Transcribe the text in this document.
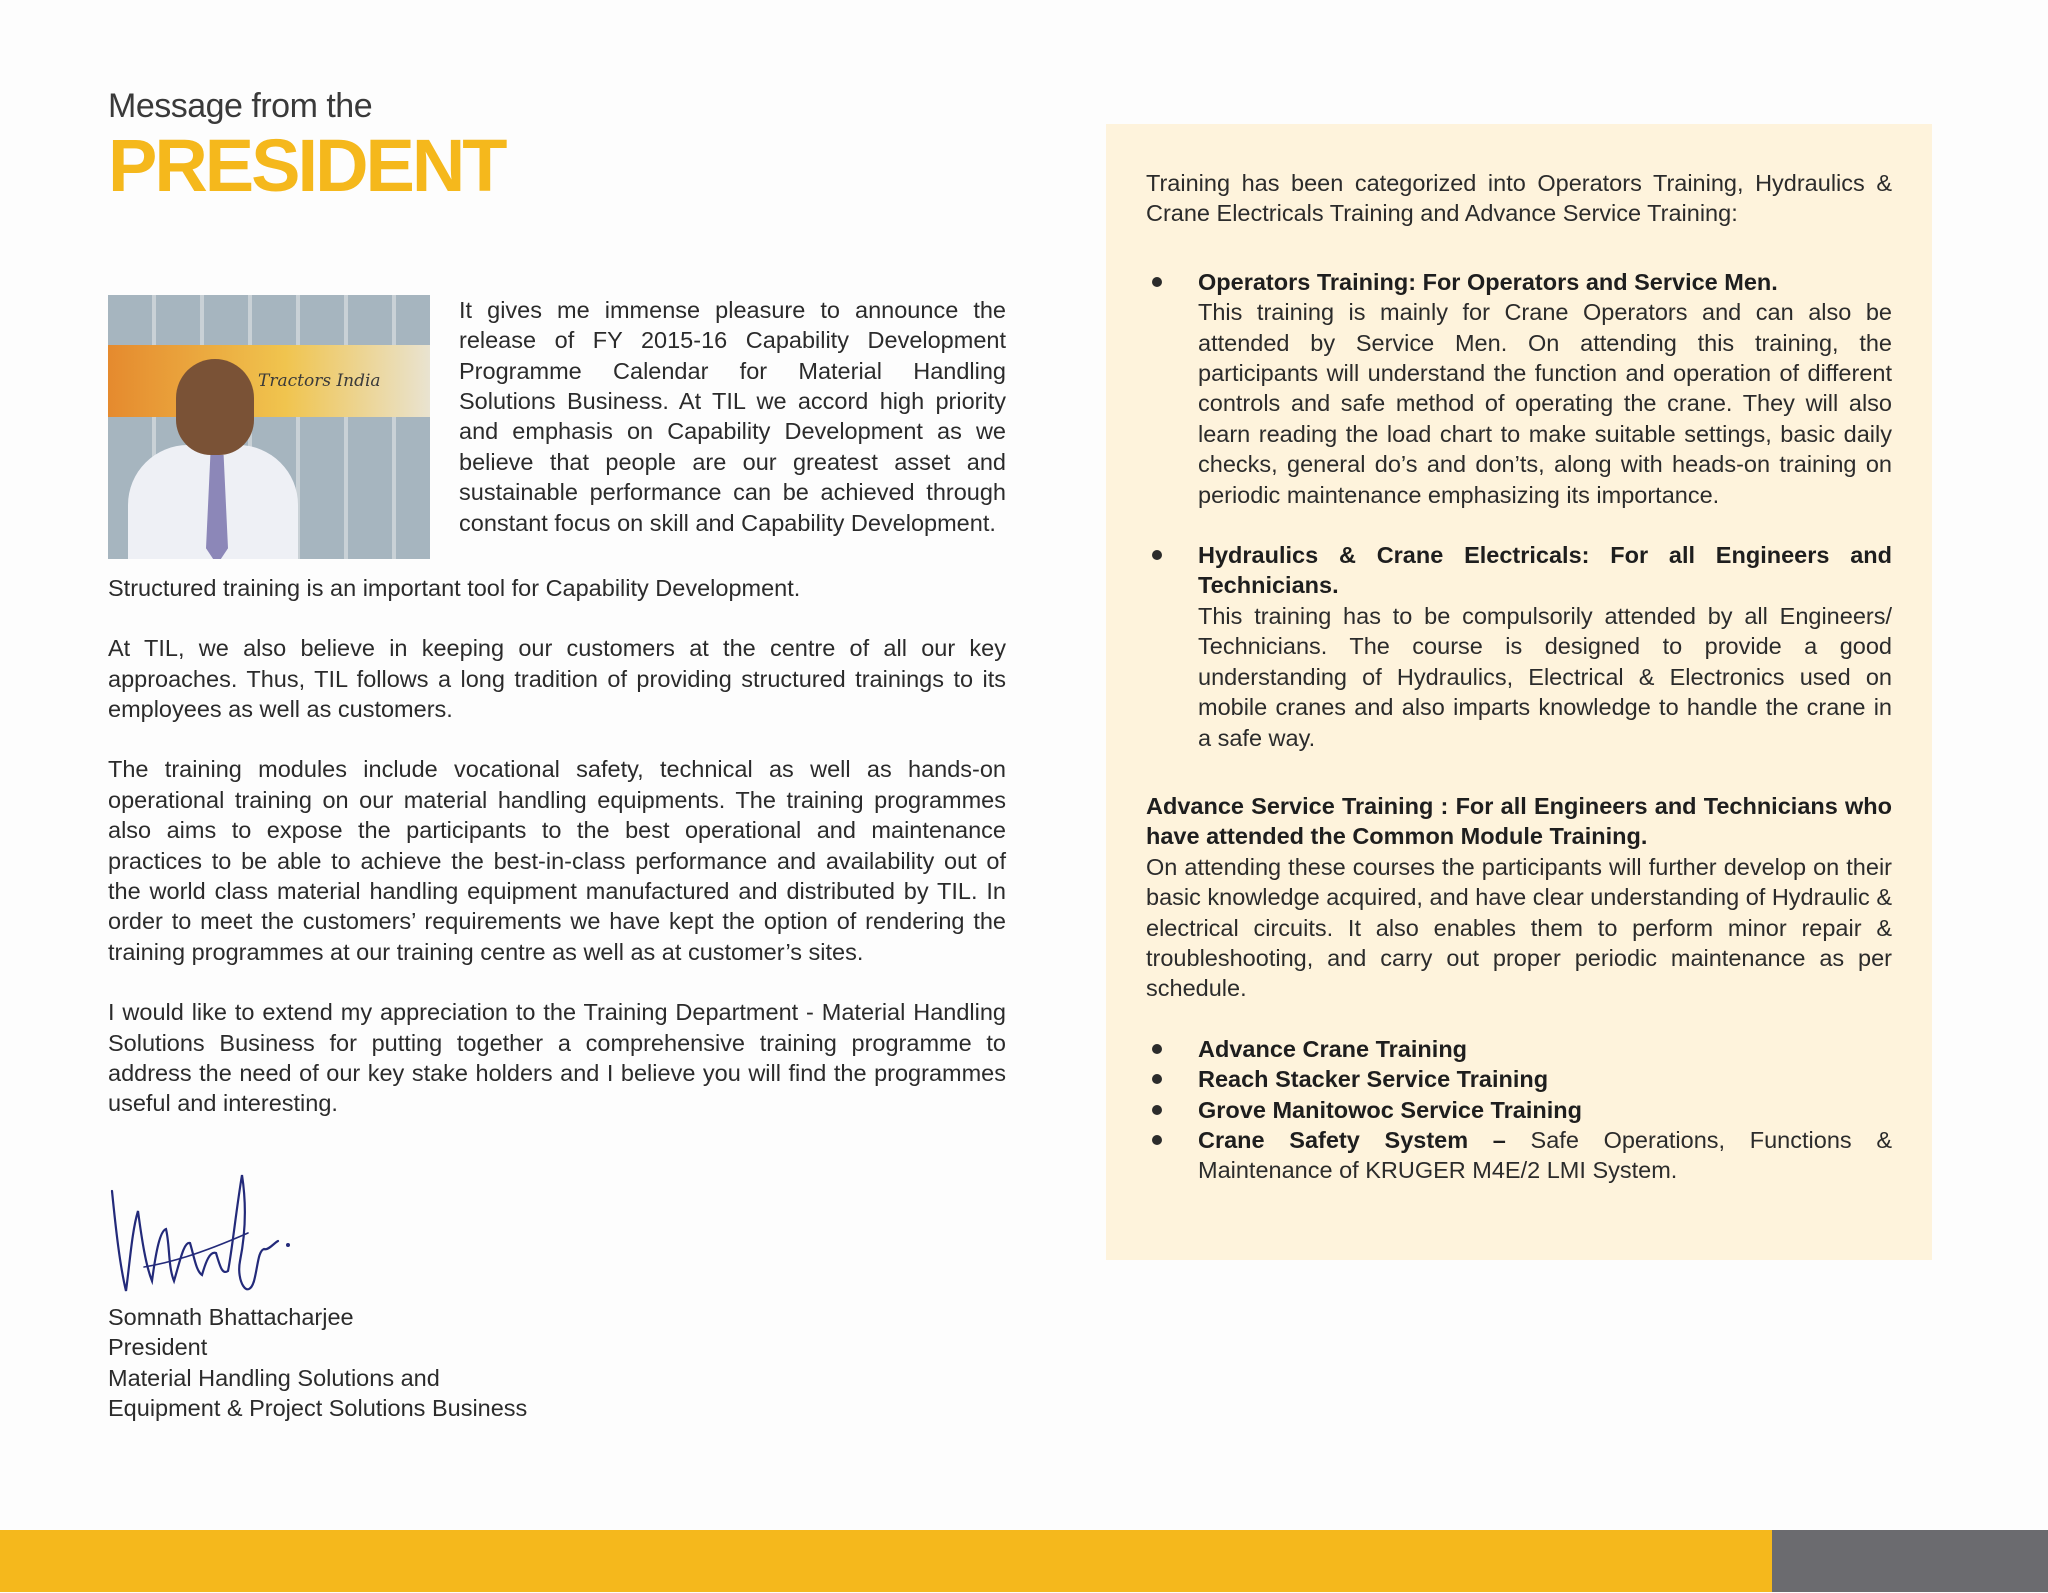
Message from the

PRESIDENT
Tractors India

It gives me immense pleasure to announce the release of FY 2015-16 Capability Development Programme Calendar for Material Handling Solutions Business. At TIL we accord high priority and emphasis on Capability Development as we believe that people are our greatest asset and sustainable performance can be achieved through constant focus on skill and Capability Development.

Structured training is an important tool for Capability Development.

At TIL, we also believe in keeping our customers at the centre of all our key approaches. Thus, TIL follows a long tradition of providing structured trainings to its employees as well as customers.

The training modules include vocational safety, technical as well as hands-on operational training on our material handling equipments. The training programmes also aims to expose the participants to the best operational and maintenance practices to be able to achieve the best-in-class performance and availability out of the world class material handling equipment manufactured and distributed by TIL. In order to meet the customers’ requirements we have kept the option of rendering the training programmes at our training centre as well as at customer’s sites.

I would like to extend my appreciation to the Training Department - Material Handling Solutions Business for putting together a comprehensive training programme to address the need of our key stake holders and I believe you will find the programmes useful and interesting.

Somnath Bhattacharjee
President
Material Handling Solutions and
Equipment & Project Solutions Business

Training has been categorized into Operators Training, Hydraulics & Crane Electricals Training and Advance Service Training:

Operators Training: For Operators and Service Men.
This training is mainly for Crane Operators and can also be attended by Service Men. On attending this training, the participants will understand the function and operation of different controls and safe method of operating the crane. They will also learn reading the load chart to make suitable settings, basic daily checks, general do’s and don’ts, along with heads-on training on periodic maintenance emphasizing its importance.
Hydraulics & Crane Electricals: For all Engineers and Technicians.
This training has to be compulsorily attended by all Engineers/ Technicians. The course is designed to provide a good understanding of Hydraulics, Electrical & Electronics used on mobile cranes and also imparts knowledge to handle the crane in a safe way.

Advance Service Training : For all Engineers and Technicians who have attended the Common Module Training.

On attending these courses the participants will further develop on their basic knowledge acquired, and have clear understanding of Hydraulic & electrical circuits. It also enables them to perform minor repair & troubleshooting, and carry out proper periodic maintenance as per schedule.

Advance Crane Training
Reach Stacker Service Training
Grove Manitowoc Service Training
Crane Safety System – Safe Operations, Functions & Maintenance of KRUGER M4E/2 LMI System.
